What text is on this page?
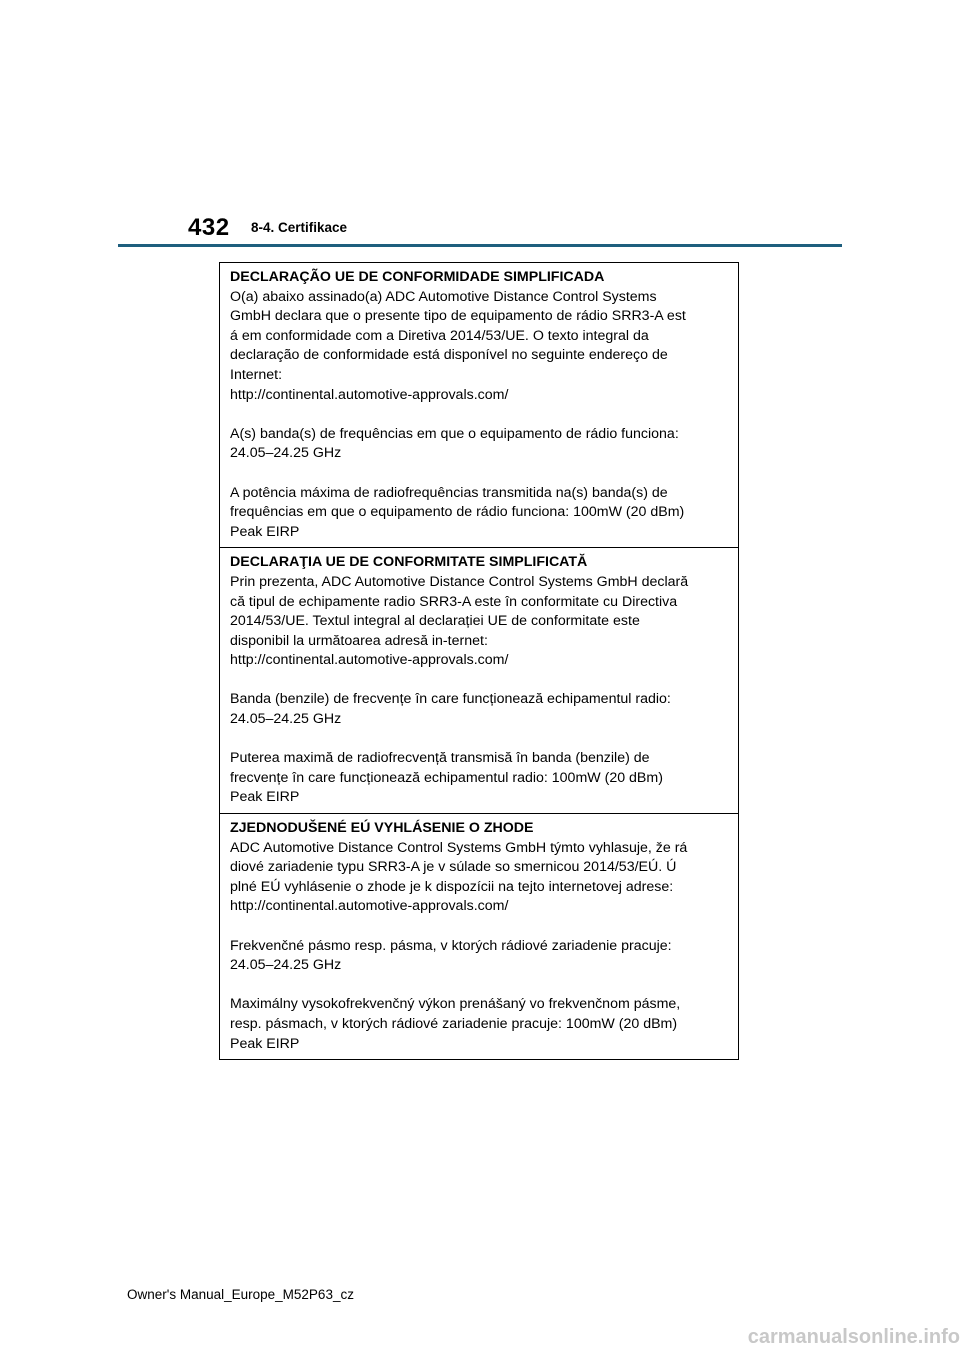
432 8-4. Certifikace

DECLARAÇÃO UE DE CONFORMIDADE SIMPLIFICADA

O(a) abaixo assinado(a) ADC Automotive Distance Control Systems
GmbH declara que o presente tipo de equipamento de rádio SRR3-A est
á em conformidade com a Diretiva 2014/53/UE. O texto integral da
declaração de conformidade está disponível no seguinte endereço de
Internet:
http://continental.automotive-approvals.com/

A(s) banda(s) de frequências em que o equipamento de rádio funciona:
24.05–24.25 GHz

A potência máxima de radiofrequências transmitida na(s) banda(s) de
frequências em que o equipamento de rádio funciona: 100mW (20 dBm)
Peak EIRP

DECLARAŢIA UE DE CONFORMITATE SIMPLIFICATĂ

Prin prezenta, ADC Automotive Distance Control Systems GmbH declară
că tipul de echipamente radio SRR3-A este în conformitate cu Directiva
2014/53/UE. Textul integral al declarației UE de conformitate este
disponibil la următoarea adresă in-ternet:
http://continental.automotive-approvals.com/

Banda (benzile) de frecvențe în care funcționează echipamentul radio:
24.05–24.25 GHz

Puterea maximă de radiofrecvență transmisă în banda (benzile) de
frecvențe în care funcționează echipamentul radio: 100mW (20 dBm)
Peak EIRP

ZJEDNODUŠENÉ EÚ VYHLÁSENIE O ZHODE

ADC Automotive Distance Control Systems GmbH týmto vyhlasuje, že rá
diové zariadenie typu SRR3-A je v súlade so smernicou 2014/53/EÚ. Ú
plné EÚ vyhlásenie o zhode je k dispozícii na tejto internetovej adrese:
http://continental.automotive-approvals.com/

Frekvenčné pásmo resp. pásma, v ktorých rádiové zariadenie pracuje:
24.05–24.25 GHz

Maximálny vysokofrekvenčný výkon prenášaný vo frekvenčnom pásme,
resp. pásmach, v ktorých rádiové zariadenie pracuje: 100mW (20 dBm)
Peak EIRP

Owner's Manual_Europe_M52P63_cz
carmanualsonline.info
